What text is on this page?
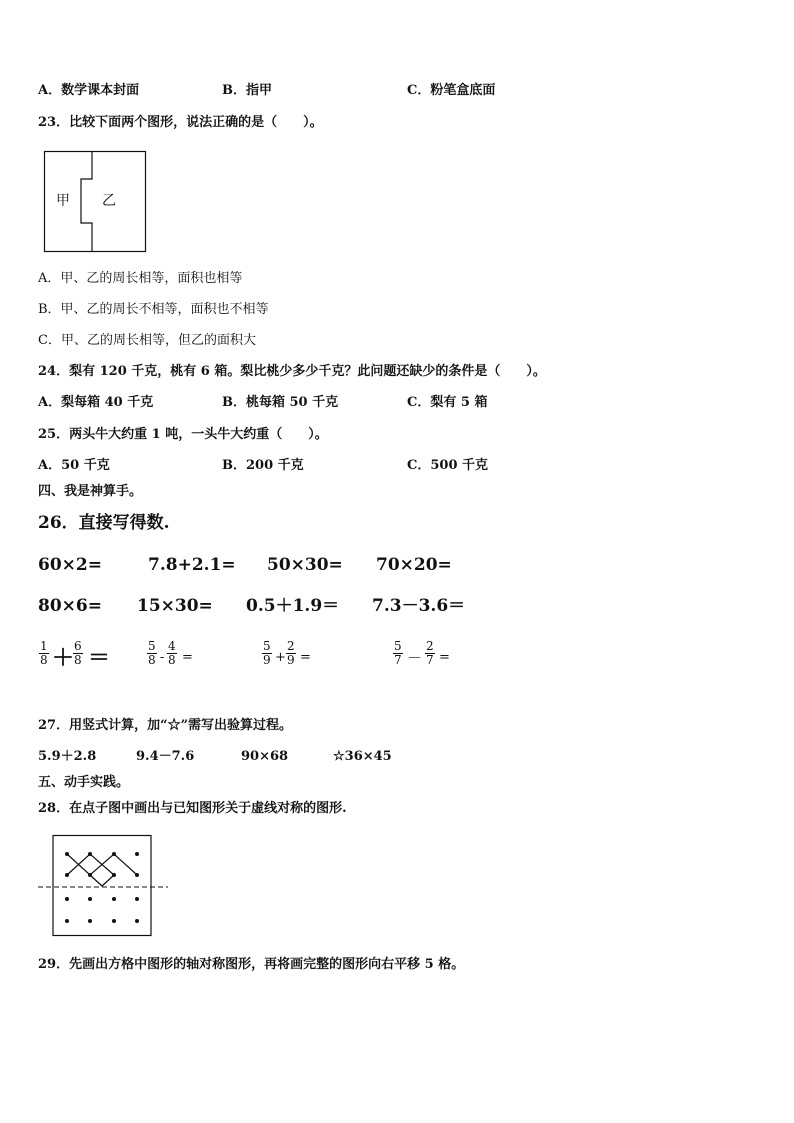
A．数学课本封面	B．指甲	C．粉笔盒底面
23．比较下面两个图形，说法正确的是（　　）。
甲 乙
A．甲、乙的周长相等，面积也相等
B．甲、乙的周长不相等，面积也不相等
C．甲、乙的周长相等，但乙的面积大
24．梨有 120 千克，桃有 6 箱。梨比桃少多少千克？此问题还缺少的条件是（　　）。
A．梨每箱 40 千克	B．桃每箱 50 千克	C．梨有 5 箱
25．两头牛大约重 1 吨，一头牛大约重（　　）。
A．50 千克	B．200 千克	C．500 千克
四、我是神算手。
26．直接写得数.
60×2=	7.8+2.1= 50×30= 70×20=
80×6= 15×30= 0.5＋1.9＝ 7.3－3.6＝
$\frac{1}{8}$ ＋
$\frac{6}{8}$ ＝	$\frac{5}{8} - \frac{4}{8}$ =	$\frac{5}{9} + \frac{2}{9}$ =	$\frac{5}{7} - \frac{2}{7}$ =
27．用竖式计算，加“☆”需写出验算过程。
5.9＋2.8	9.4－7.6	90×68	☆36×45
五、动手实践。
28．在点子图中画出与已知图形关于虚线对称的图形.
29．先画出方格中图形的轴对称图形，再将画完整的图形向右平移 5 格。
